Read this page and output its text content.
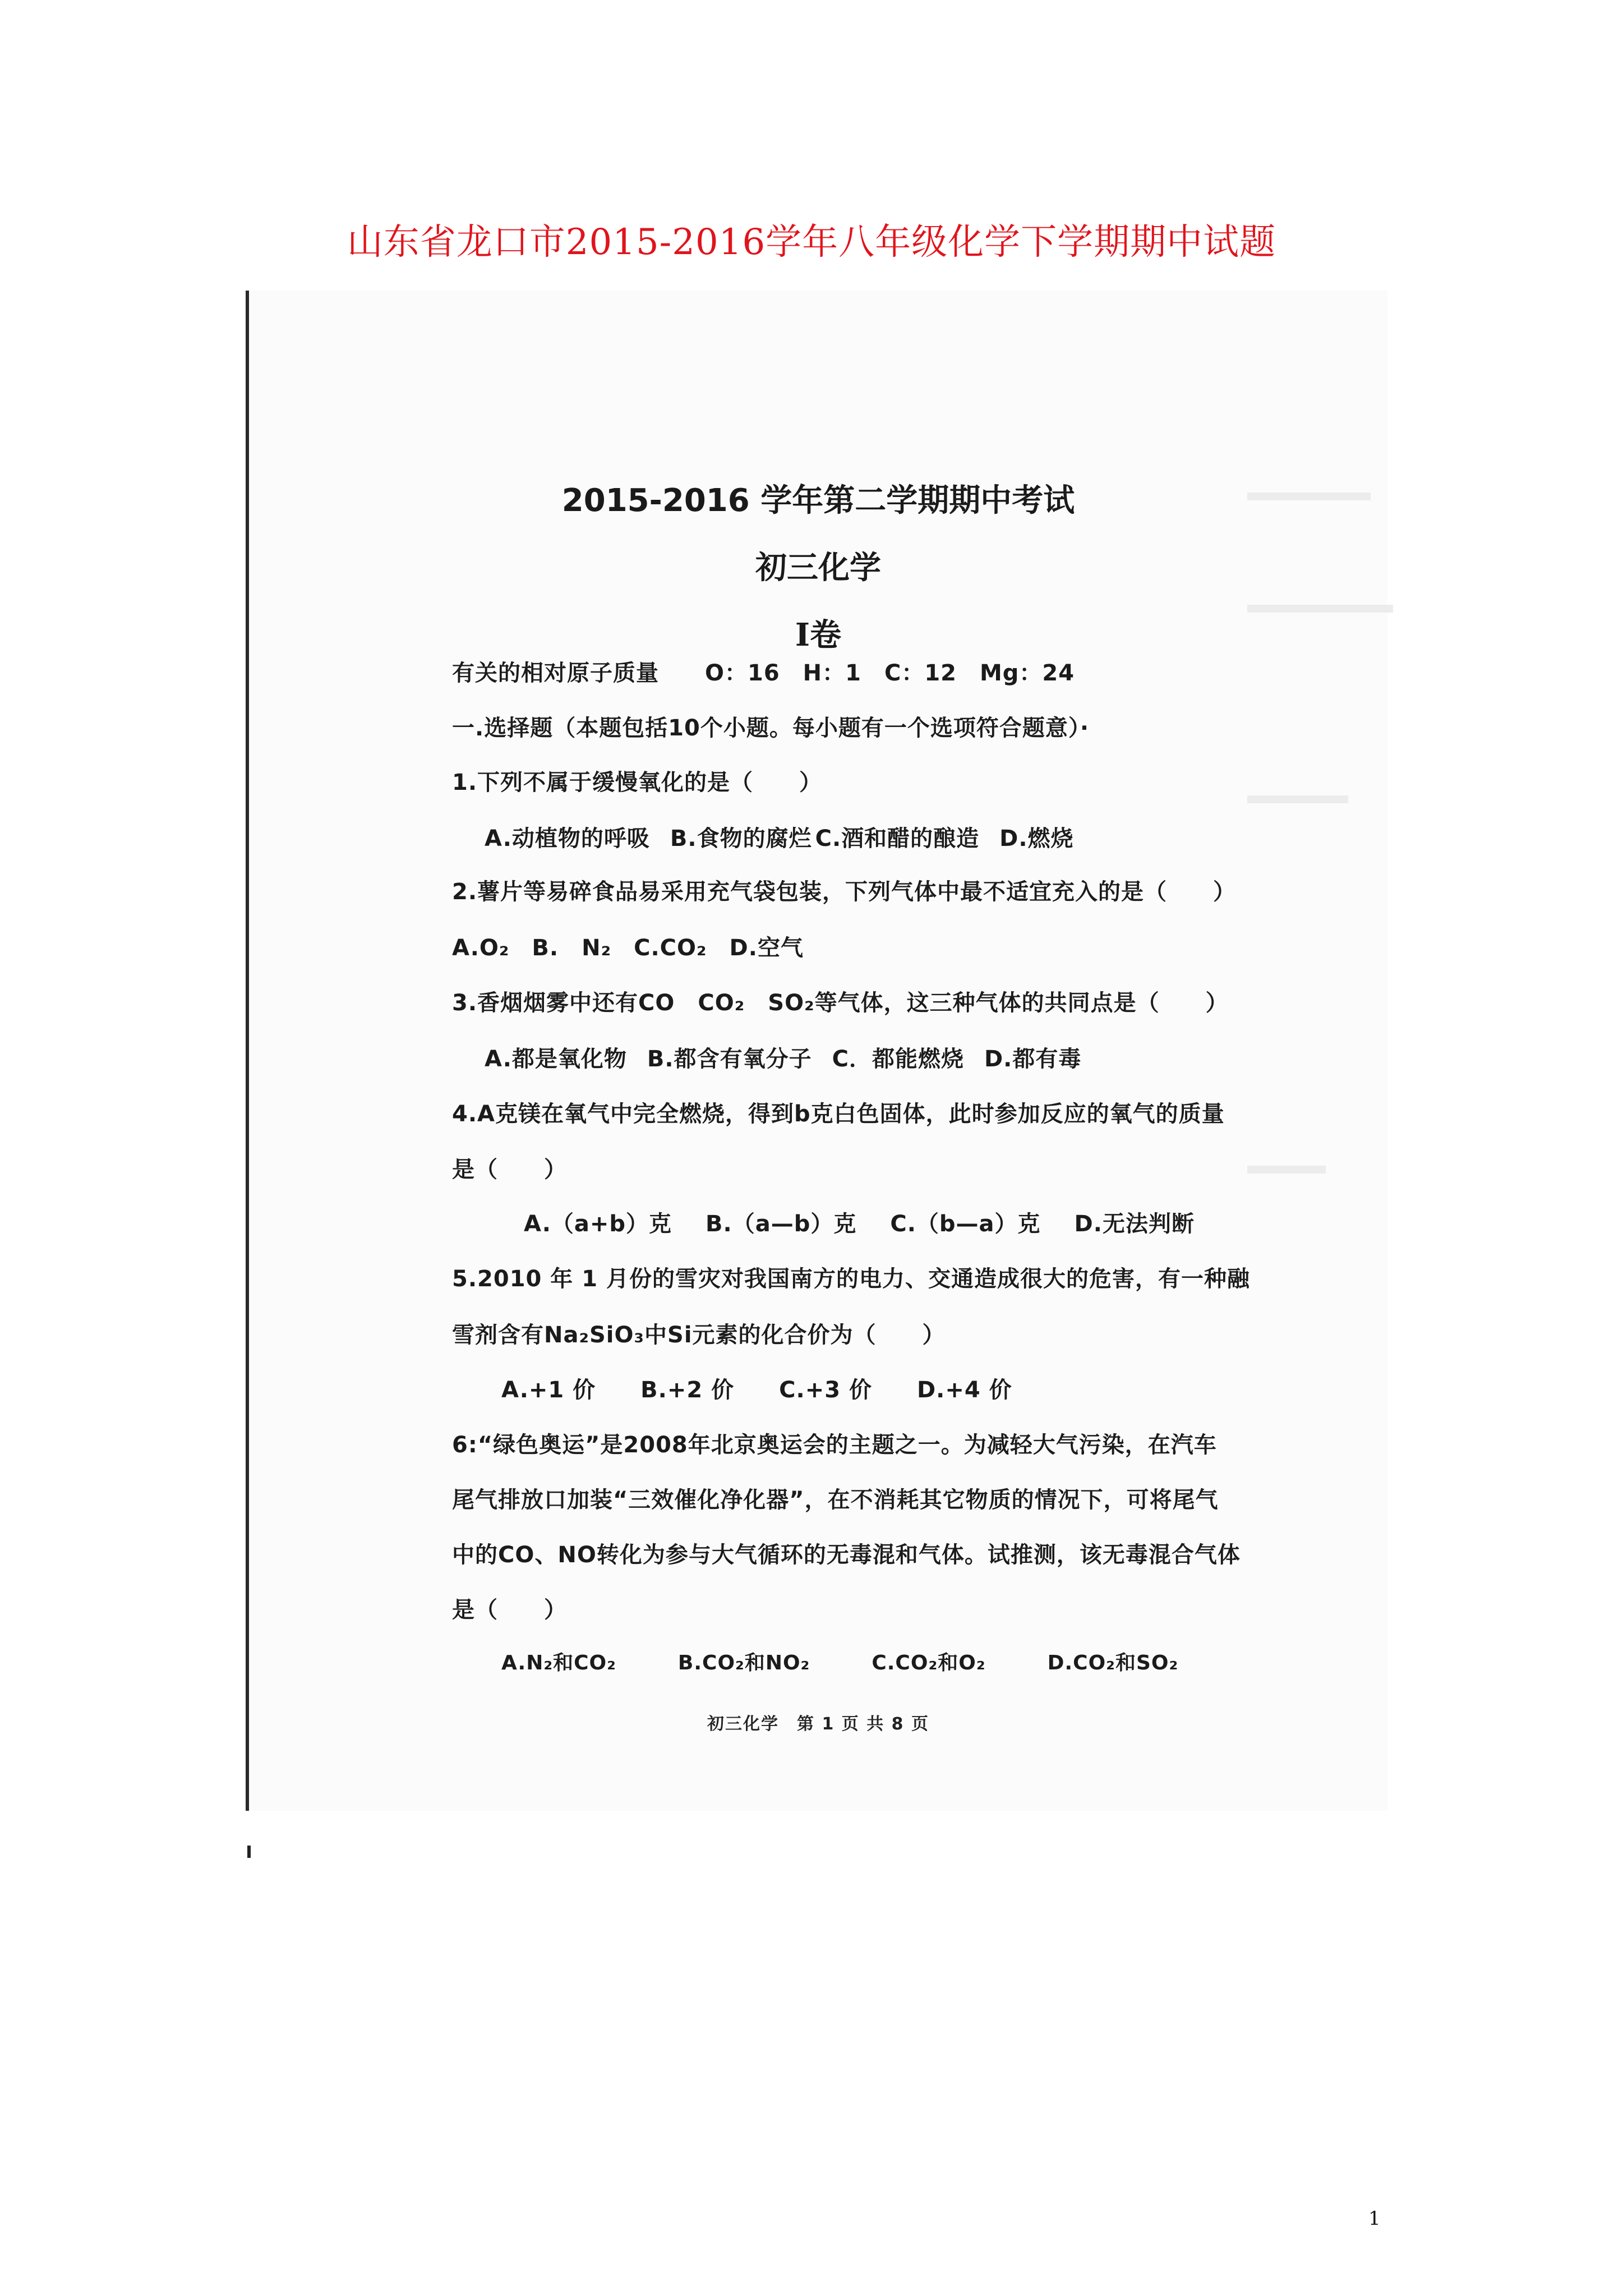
山东省龙口市2015-2016学年八年级化学下学期期中试题
2015-2016 学年第二学期期中考试
初三化学
Ⅰ卷
有关的相对原子质量　　O：16　H：1　C：12　Mg：24
一.选择题（本题包括10个小题。每小题有一个选项符合题意）·
1.下列不属于缓慢氧化的是（　　）
A.动植物的呼吸 B.食物的腐烂 C.酒和醋的酿造 D.燃烧
2.薯片等易碎食品易采用充气袋包装，下列气体中最不适宜充入的是（　　）
A.O₂ B.　N₂ C.CO₂ D.空气
3.香烟烟雾中还有CO　CO₂　SO₂等气体，这三种气体的共同点是（　　）
A.都是氧化物 B.都含有氧分子 C．都能燃烧 D.都有毒
4.A克镁在氧气中完全燃烧，得到b克白色固体，此时参加反应的氧气的质量
是（　　）
A.（a+b）克 B.（a—b）克 C.（b—a）克 D.无法判断
5.2010 年 1 月份的雪灾对我国南方的电力、交通造成很大的危害，有一种融
雪剂含有Na₂SiO₃中Si元素的化合价为（　　）
A.+1 价 B.+2 价 C.+3 价 D.+4 价
6:“绿色奥运”是2008年北京奥运会的主题之一。为减轻大气污染，在汽车
尾气排放口加装“三效催化净化器”，在不消耗其它物质的情况下，可将尾气
中的CO、NO转化为参与大气循环的无毒混和气体。试推测，该无毒混合气体
是（　　）
A.N₂和CO₂	B.CO₂和NO₂	C.CO₂和O₂	D.CO₂和SO₂
初三化学　第 1 页 共 8 页
1
